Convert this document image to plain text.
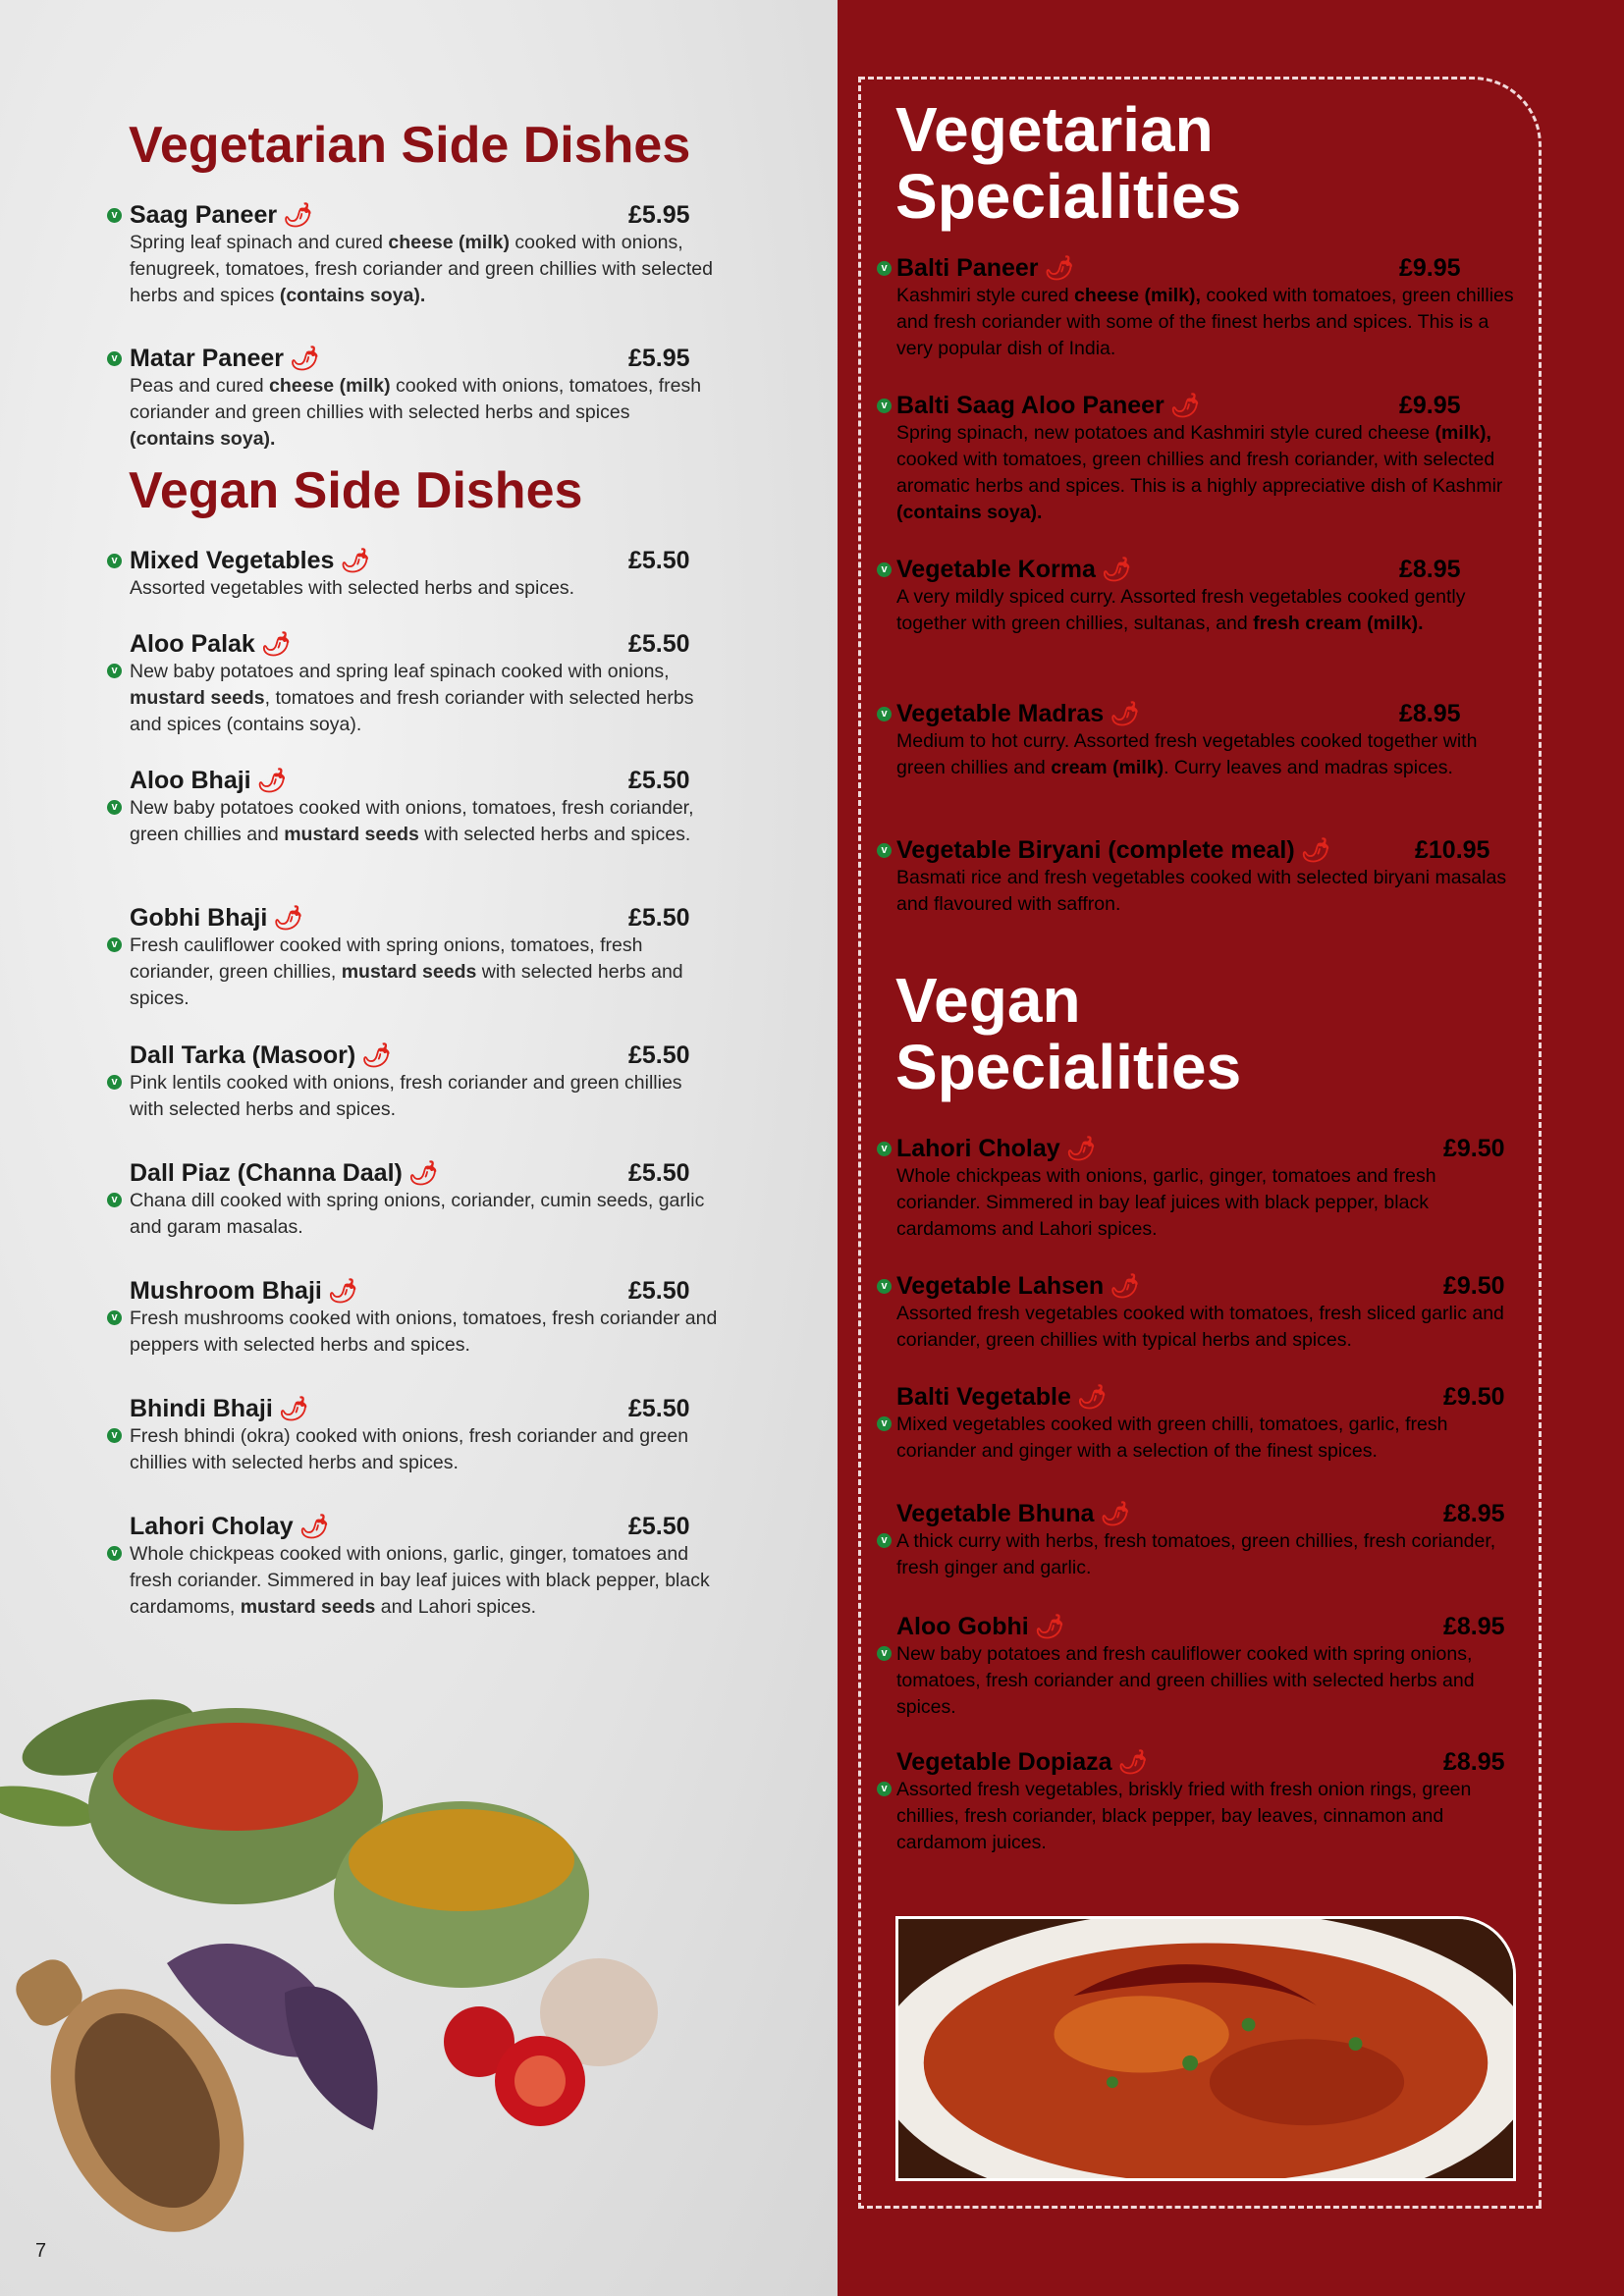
Vegetarian Side Dishes
Vegan Side Dishes
7
v Saag Paneer 🌶	£5.95

Spring leaf spinach and cured cheese (milk) cooked with onions, fenugreek, tomatoes, fresh coriander and green chillies with selected herbs and spices (contains soya).

v Matar Paneer 🌶	£5.95

Peas and cured cheese (milk) cooked with onions, tomatoes, fresh coriander and green chillies with selected herbs and spices (contains soya).

v Mixed Vegetables 🌶	£5.50

Assorted vegetables with selected herbs and spices.

v
Aloo Palak 🌶	£5.50

New baby potatoes and spring leaf spinach cooked with onions, mustard seeds, tomatoes and fresh coriander with selected herbs and spices (contains soya).

v
Aloo Bhaji 🌶	£5.50

New baby potatoes cooked with onions, tomatoes, fresh coriander, green chillies and mustard seeds with selected herbs and spices.

v
Gobhi Bhaji 🌶	£5.50

Fresh cauliflower cooked with spring onions, tomatoes, fresh coriander, green chillies, mustard seeds with selected herbs and spices.

v
Dall Tarka (Masoor) 🌶	£5.50

Pink lentils cooked with onions, fresh coriander and green chillies with selected herbs and spices.

v
Dall Piaz (Channa Daal) 🌶	£5.50

Chana dill cooked with spring onions, coriander, cumin seeds, garlic and garam masalas.

v
Mushroom Bhaji 🌶	£5.50

Fresh mushrooms cooked with onions, tomatoes, fresh coriander and peppers with selected herbs and spices.

v
Bhindi Bhaji 🌶	£5.50

Fresh bhindi (okra) cooked with onions, fresh coriander and green chillies with selected herbs and spices.

v
Lahori Cholay 🌶	£5.50

Whole chickpeas cooked with onions, garlic, ginger, tomatoes and fresh coriander. Simmered in bay leaf juices with black pepper, black cardamoms, mustard seeds and Lahori spices.

Vegetarian
Specialities
Vegan
Specialities
v Balti Paneer 🌶	£9.95

Kashmiri style cured cheese (milk), cooked with tomatoes, green chillies and fresh coriander with some of the finest herbs and spices. This is a very popular dish of India.

v Balti Saag Aloo Paneer 🌶	£9.95

Spring spinach, new potatoes and Kashmiri style cured cheese (milk), cooked with tomatoes, green chillies and fresh coriander, with selected aromatic herbs and spices. This is a highly appreciative dish of Kashmir (contains soya).

v Vegetable Korma 🌶	£8.95

A very mildly spiced curry. Assorted fresh vegetables cooked gently together with green chillies, sultanas, and fresh cream (milk).

v Vegetable Madras 🌶	£8.95

Medium to hot curry. Assorted fresh vegetables cooked together with green chillies and cream (milk). Curry leaves and madras spices.

v Vegetable Biryani (complete meal) 🌶	£10.95

Basmati rice and fresh vegetables cooked with selected biryani masalas and flavoured with saffron.

v Lahori Cholay 🌶	£9.50

Whole chickpeas with onions, garlic, ginger, tomatoes and fresh coriander. Simmered in bay leaf juices with black pepper, black cardamoms and Lahori spices.

v Vegetable Lahsen 🌶	£9.50

Assorted fresh vegetables cooked with tomatoes, fresh sliced garlic and coriander, green chillies with typical herbs and spices.

v
Balti Vegetable 🌶	£9.50

Mixed vegetables cooked with green chilli, tomatoes, garlic, fresh coriander and ginger with a selection of the finest spices.

v
Vegetable Bhuna 🌶	£8.95

A thick curry with herbs, fresh tomatoes, green chillies, fresh coriander, fresh ginger and garlic.

v
Aloo Gobhi 🌶	£8.95

New baby potatoes and fresh cauliflower cooked with spring onions, tomatoes, fresh coriander and green chillies with selected herbs and spices.

v
Vegetable Dopiaza 🌶	£8.95

Assorted fresh vegetables, briskly fried with fresh onion rings, green chillies, fresh coriander, black pepper, bay leaves, cinnamon and cardamom juices.
